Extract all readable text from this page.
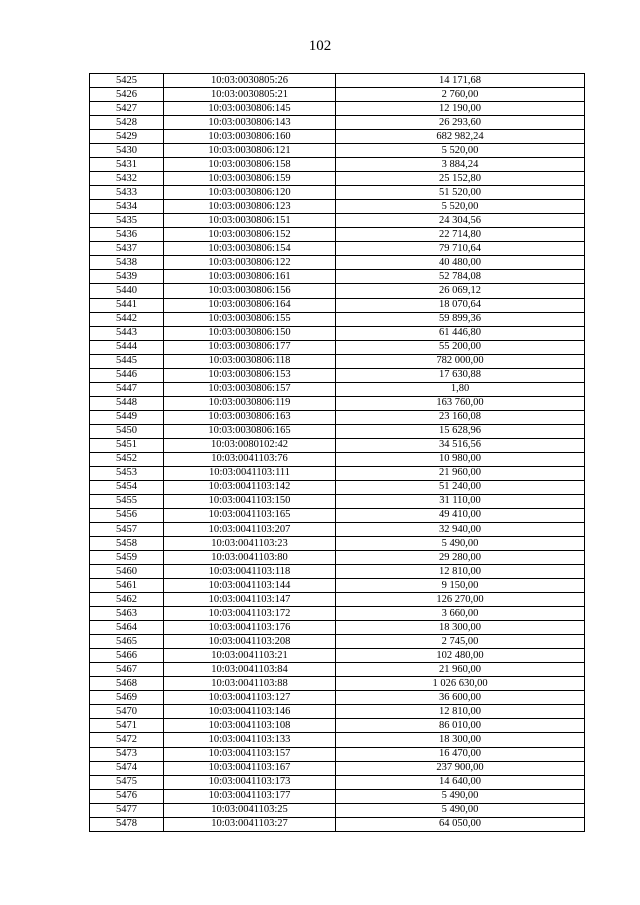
102
5425	10:03:0030805:26	14 171,68
5426	10:03:0030805:21	2 760,00
5427	10:03:0030806:145	12 190,00
5428	10:03:0030806:143	26 293,60
5429	10:03:0030806:160	682 982,24
5430	10:03:0030806:121	5 520,00
5431	10:03:0030806:158	3 884,24
5432	10:03:0030806:159	25 152,80
5433	10:03:0030806:120	51 520,00
5434	10:03:0030806:123	5 520,00
5435	10:03:0030806:151	24 304,56
5436	10:03:0030806:152	22 714,80
5437	10:03:0030806:154	79 710,64
5438	10:03:0030806:122	40 480,00
5439	10:03:0030806:161	52 784,08
5440	10:03:0030806:156	26 069,12
5441	10:03:0030806:164	18 070,64
5442	10:03:0030806:155	59 899,36
5443	10:03:0030806:150	61 446,80
5444	10:03:0030806:177	55 200,00
5445	10:03:0030806:118	782 000,00
5446	10:03:0030806:153	17 630,88
5447	10:03:0030806:157	1,80
5448	10:03:0030806:119	163 760,00
5449	10:03:0030806:163	23 160,08
5450	10:03:0030806:165	15 628,96
5451	10:03:0080102:42	34 516,56
5452	10:03:0041103:76	10 980,00
5453	10:03:0041103:111	21 960,00
5454	10:03:0041103:142	51 240,00
5455	10:03:0041103:150	31 110,00
5456	10:03:0041103:165	49 410,00
5457	10:03:0041103:207	32 940,00
5458	10:03:0041103:23	5 490,00
5459	10:03:0041103:80	29 280,00
5460	10:03:0041103:118	12 810,00
5461	10:03:0041103:144	9 150,00
5462	10:03:0041103:147	126 270,00
5463	10:03:0041103:172	3 660,00
5464	10:03:0041103:176	18 300,00
5465	10:03:0041103:208	2 745,00
5466	10:03:0041103:21	102 480,00
5467	10:03:0041103:84	21 960,00
5468	10:03:0041103:88	1 026 630,00
5469	10:03:0041103:127	36 600,00
5470	10:03:0041103:146	12 810,00
5471	10:03:0041103:108	86 010,00
5472	10:03:0041103:133	18 300,00
5473	10:03:0041103:157	16 470,00
5474	10:03:0041103:167	237 900,00
5475	10:03:0041103:173	14 640,00
5476	10:03:0041103:177	5 490,00
5477	10:03:0041103:25	5 490,00
5478	10:03:0041103:27	64 050,00
